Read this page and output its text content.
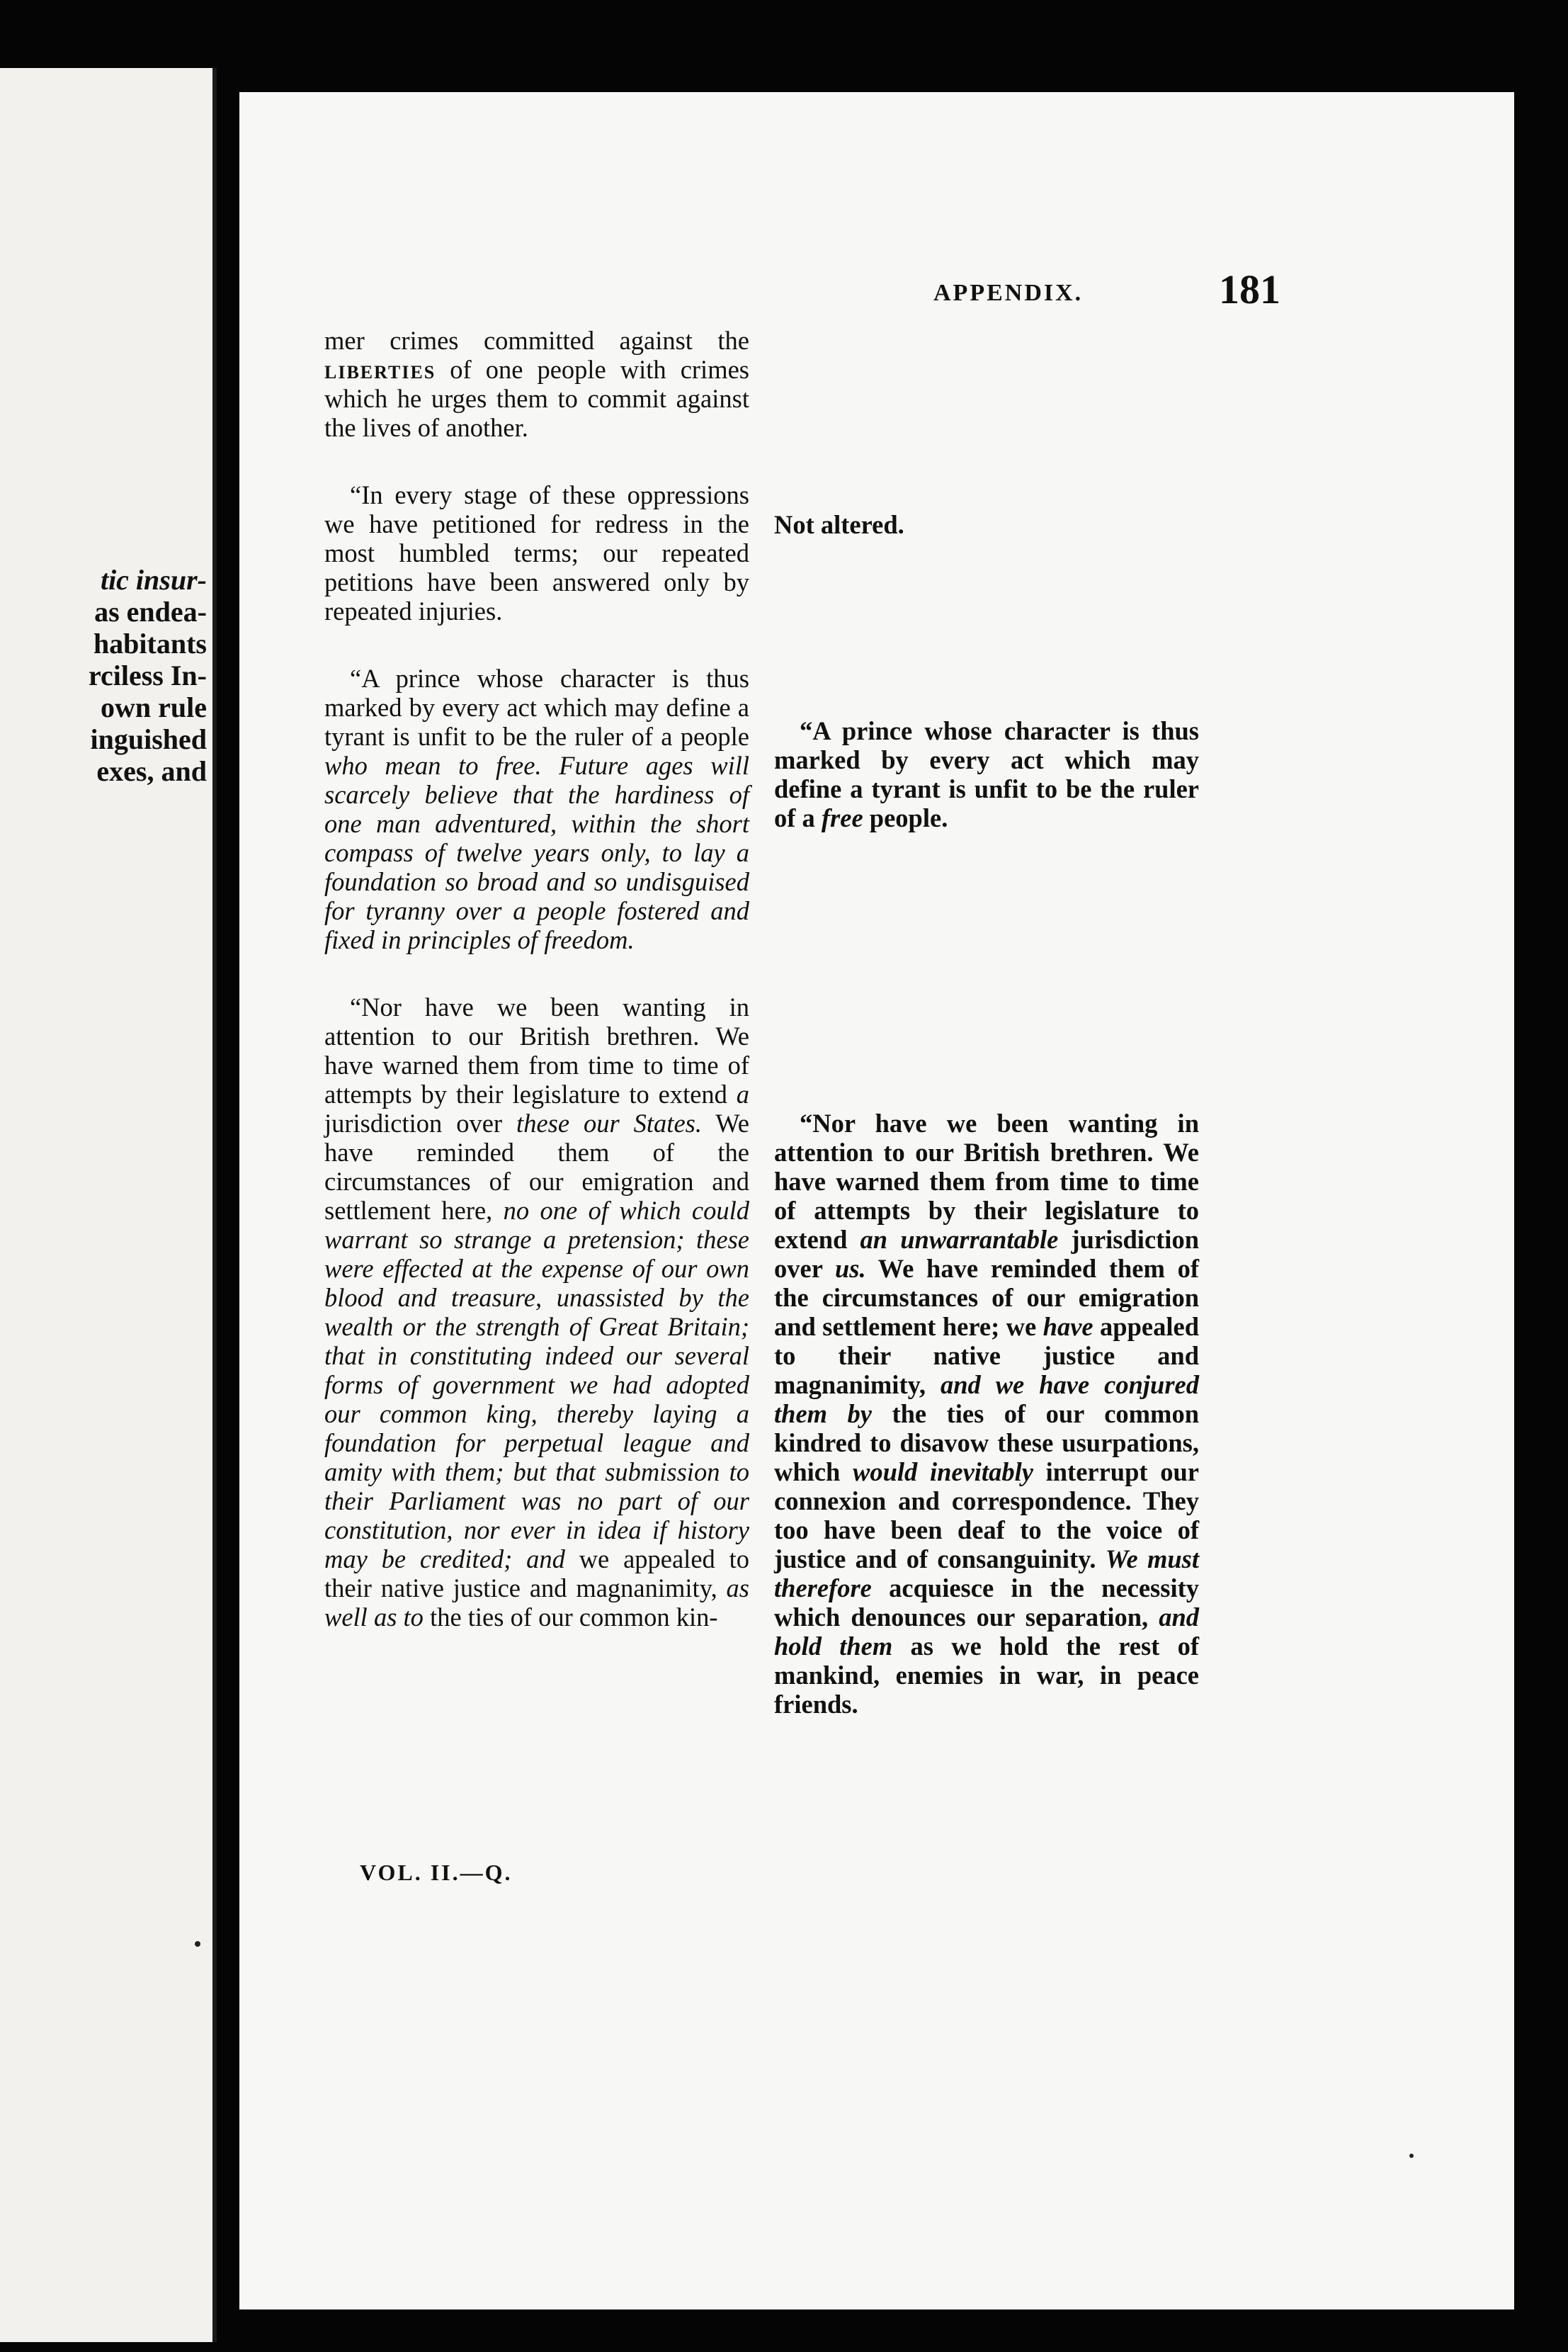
tic insur-
as endea-
habitants
rciless In-
own rule
inguished
exes, and
APPENDIX.	181

mer crimes committed against the liberties of one people with crimes which he urges them to commit against the lives of another.

“In every stage of these oppressions we have petitioned for redress in the most humbled terms; our repeated petitions have been answered only by repeated injuries.

“A prince whose character is thus marked by every act which may define a tyrant is unfit to be the ruler of a people who mean to free. Future ages will scarcely believe that the hardiness of one man adventured, within the short compass of twelve years only, to lay a foundation so broad and so undisguised for tyranny over a people fostered and fixed in principles of freedom.

“Nor have we been wanting in attention to our British brethren. We have warned them from time to time of attempts by their legislature to extend a jurisdiction over these our States. We have reminded them of the circumstances of our emigration and settlement here, no one of which could warrant so strange a pretension; these were effected at the expense of our own blood and treasure, unassisted by the wealth or the strength of Great Britain; that in constituting indeed our several forms of government we had adopted our common king, thereby laying a foundation for perpetual league and amity with them; but that submission to their Parliament was no part of our constitution, nor ever in idea if history may be credited; and we appealed to their native justice and magnanimity, as well as to the ties of our common kin-

Not altered.

“A prince whose character is thus marked by every act which may define a tyrant is unfit to be the ruler of a free people.

“Nor have we been wanting in attention to our British brethren. We have warned them from time to time of attempts by their legislature to extend an unwarrantable jurisdiction over us. We have reminded them of the circumstances of our emigration and settlement here; we have appealed to their native justice and magnanimity, and we have conjured them by the ties of our common kindred to disavow these usurpations, which would inevitably interrupt our connexion and correspondence. They too have been deaf to the voice of justice and of consanguinity. We must therefore acquiesce in the necessity which denounces our separation, and hold them as we hold the rest of mankind, enemies in war, in peace friends.

VOL. II.—Q.
